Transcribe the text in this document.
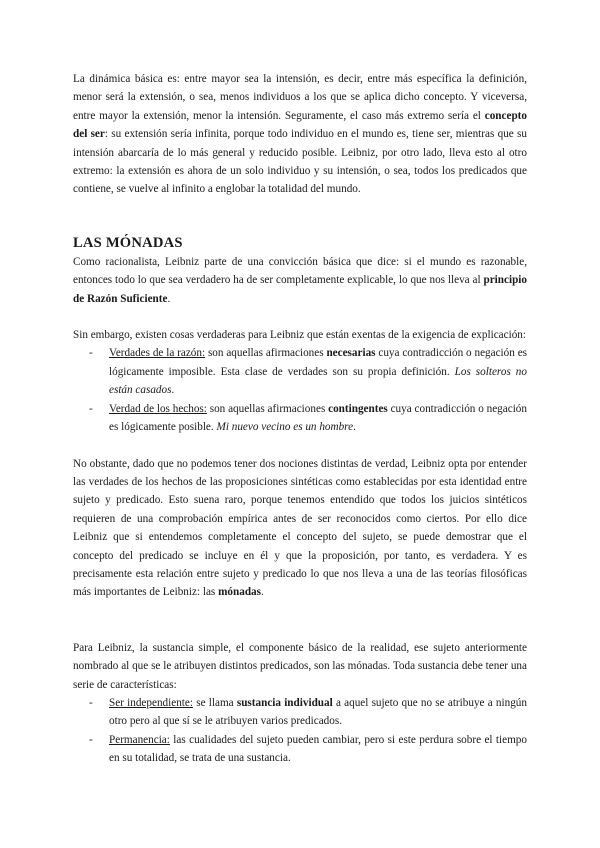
La dinámica básica es: entre mayor sea la intensión, es decir, entre más específica la definición, menor será la extensión, o sea, menos individuos a los que se aplica dicho concepto. Y viceversa, entre mayor la extensión, menor la intensión. Seguramente, el caso más extremo sería el concepto del ser: su extensión sería infinita, porque todo individuo en el mundo es, tiene ser, mientras que su intensión abarcaría de lo más general y reducido posible. Leibniz, por otro lado, lleva esto al otro extremo: la extensión es ahora de un solo individuo y su intensión, o sea, todos los predicados que contiene, se vuelve al infinito a englobar la totalidad del mundo.

LAS MÓNADAS

Como racionalista, Leibniz parte de una convicción básica que dice: si el mundo es razonable, entonces todo lo que sea verdadero ha de ser completamente explicable, lo que nos lleva al principio de Razón Suficiente.

Sin embargo, existen cosas verdaderas para Leibniz que están exentas de la exigencia de explicación:

- Verdades de la razón: son aquellas afirmaciones necesarias cuya contradicción o negación es lógicamente imposible. Esta clase de verdades son su propia definición. Los solteros no están casados.
- Verdad de los hechos: son aquellas afirmaciones contingentes cuya contradicción o negación es lógicamente posible. Mi nuevo vecino es un hombre.

No obstante, dado que no podemos tener dos nociones distintas de verdad, Leibniz opta por entender las verdades de los hechos de las proposiciones sintéticas como establecidas por esta identidad entre sujeto y predicado. Esto suena raro, porque tenemos entendido que todos los juicios sintéticos requieren de una comprobación empírica antes de ser reconocidos como ciertos. Por ello dice Leibniz que si entendemos completamente el concepto del sujeto, se puede demostrar que el concepto del predicado se incluye en él y que la proposición, por tanto, es verdadera. Y es precisamente esta relación entre sujeto y predicado lo que nos lleva a una de las teorías filosóficas más importantes de Leibniz: las mónadas.

Para Leibniz, la sustancia simple, el componente básico de la realidad, ese sujeto anteriormente nombrado al que se le atribuyen distintos predicados, son las mónadas. Toda sustancia debe tener una serie de características:

- Ser independiente: se llama sustancia individual a aquel sujeto que no se atribuye a ningún otro pero al que sí se le atribuyen varios predicados.
- Permanencia: las cualidades del sujeto pueden cambiar, pero si este perdura sobre el tiempo en su totalidad, se trata de una sustancia.
